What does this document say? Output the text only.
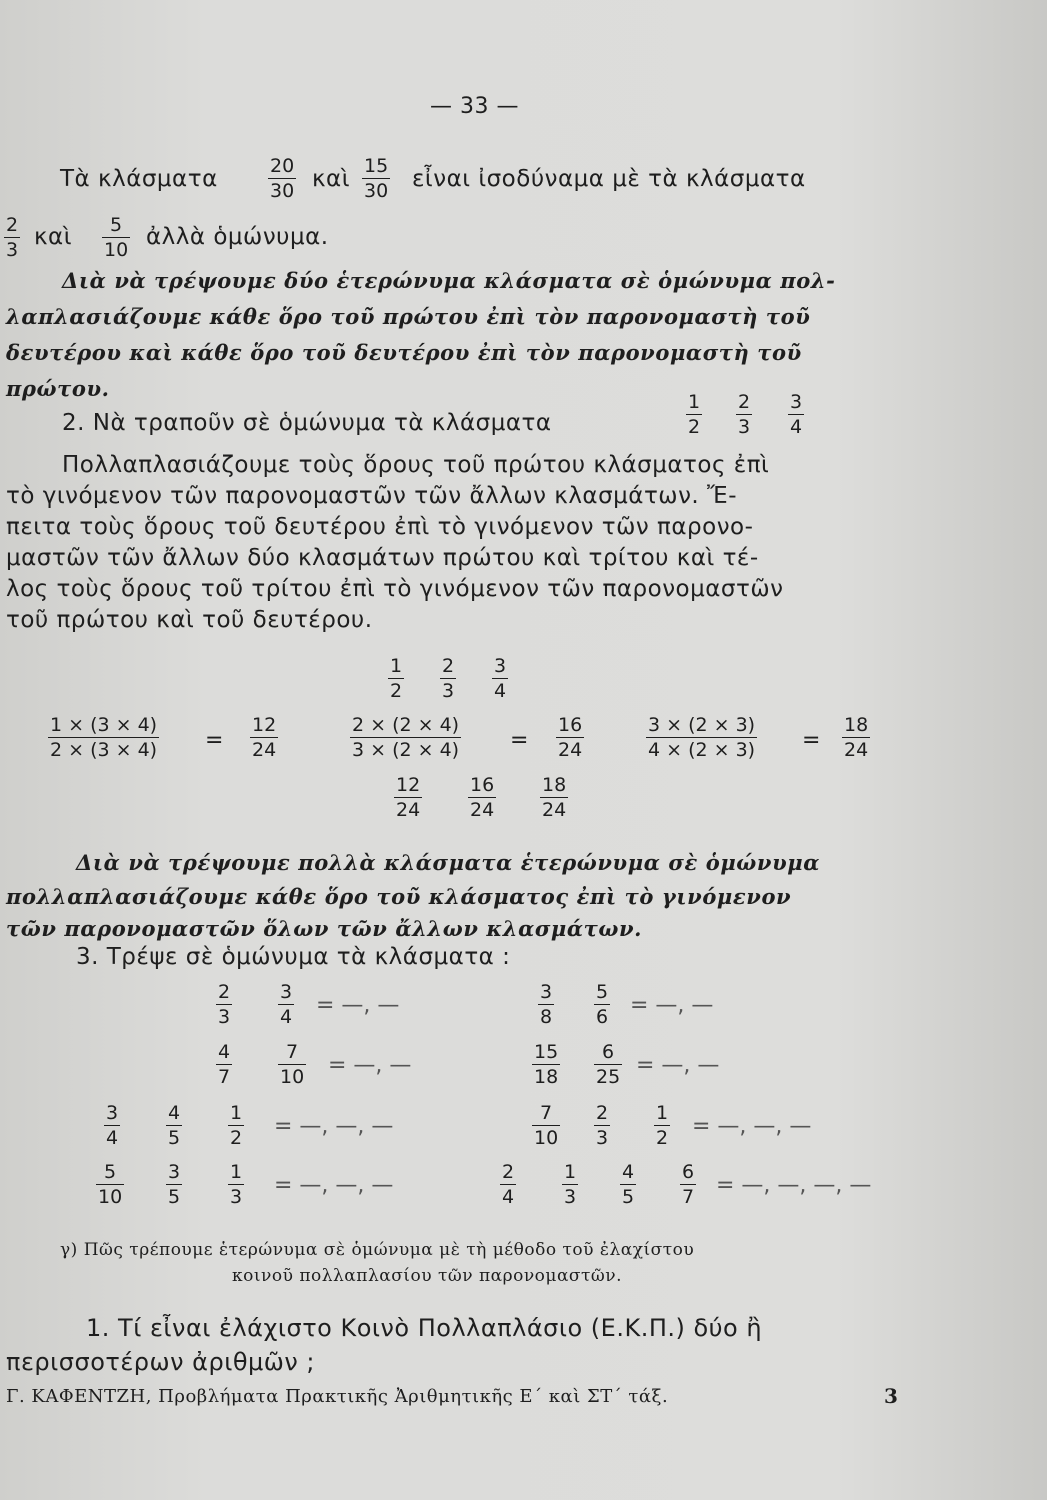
— 33 —
Τὰ κλάσματα	20
30 καὶ 15
30 εἶναι ἰσοδύναμα μὲ τὰ κλάσματα
2
3 καὶ 5
10 ἀλλὰ ὁμώνυμα.
Διὰ νὰ τρέψουμε δύο ἑτερώνυμα κλάσματα σὲ ὁμώνυμα πολ-
λαπλασιάζουμε κάθε ὅρο τοῦ πρώτου ἐπὶ τὸν παρονομαστὴ τοῦ
δευτέρου καὶ κάθε ὅρο τοῦ δευτέρου ἐπὶ τὸν παρονομαστὴ τοῦ
πρώτου.
2. Νὰ τραποῦν σὲ ὁμώνυμα τὰ κλάσματα
1
2
2
3
3
4
Πολλαπλασιάζουμε τοὺς ὅρους τοῦ πρώτου κλάσματος ἐπὶ
τὸ γινόμενον τῶν παρονομαστῶν τῶν ἄλλων κλασμάτων. Ἔ-
πειτα τοὺς ὅρους τοῦ δευτέρου ἐπὶ τὸ γινόμενον τῶν παρονο-
μαστῶν τῶν ἄλλων δύο κλασμάτων πρώτου καὶ τρίτου καὶ τέ-
λος τοὺς ὅρους τοῦ τρίτου ἐπὶ τὸ γινόμενον τῶν παρονομαστῶν
τοῦ πρώτου καὶ τοῦ δευτέρου.
1
2
2
3
3
4
1 × (3 × 4)
2 × (3 × 4) =
12
24
2 × (2 × 4)
3 × (2 × 4) =
16
24
3 × (2 × 3)
4 × (2 × 3) =
18
24
12
24
16
24
18
24
Διὰ νὰ τρέψουμε πολλὰ κλάσματα ἑτερώνυμα σὲ ὁμώνυμα
πολλαπλασιάζουμε κάθε ὅρο τοῦ κλάσματος ἐπὶ τὸ γινόμενον
τῶν παρονομαστῶν ὅλων τῶν ἄλλων κλασμάτων.
3. Τρέψε σὲ ὁμώνυμα τὰ κλάσματα :
2
3
3
4 = —, —
4
7
7
10 = —, —
3
4
4
5
1
2 = —, —, —
5
10
3
5
1
3 = —, —, —
3
8
5
6 = —, —
15
18
6
25 = —, —
7
10
2
3
1
2 = —, —, —
2
4
1
3
4
5
6
7 = —, —, —, —
γ) Πῶς τρέπουμε ἑτερώνυμα σὲ ὁμώνυμα μὲ τὴ μέθοδο τοῦ ἐλαχίστου
κοινοῦ πολλαπλασίου τῶν παρονομαστῶν.
1. Τί εἶναι ἐλάχιστο Κοινὸ Πολλαπλάσιο (Ε.Κ.Π.) δύο ἢ
περισσοτέρων ἀριθμῶν ;
Γ. ΚΑΦΕΝΤΖΗ, Προβλήματα Πρακτικῆς Ἀριθμητικῆς Ε΄ καὶ ΣΤ΄ τάξ.	3
